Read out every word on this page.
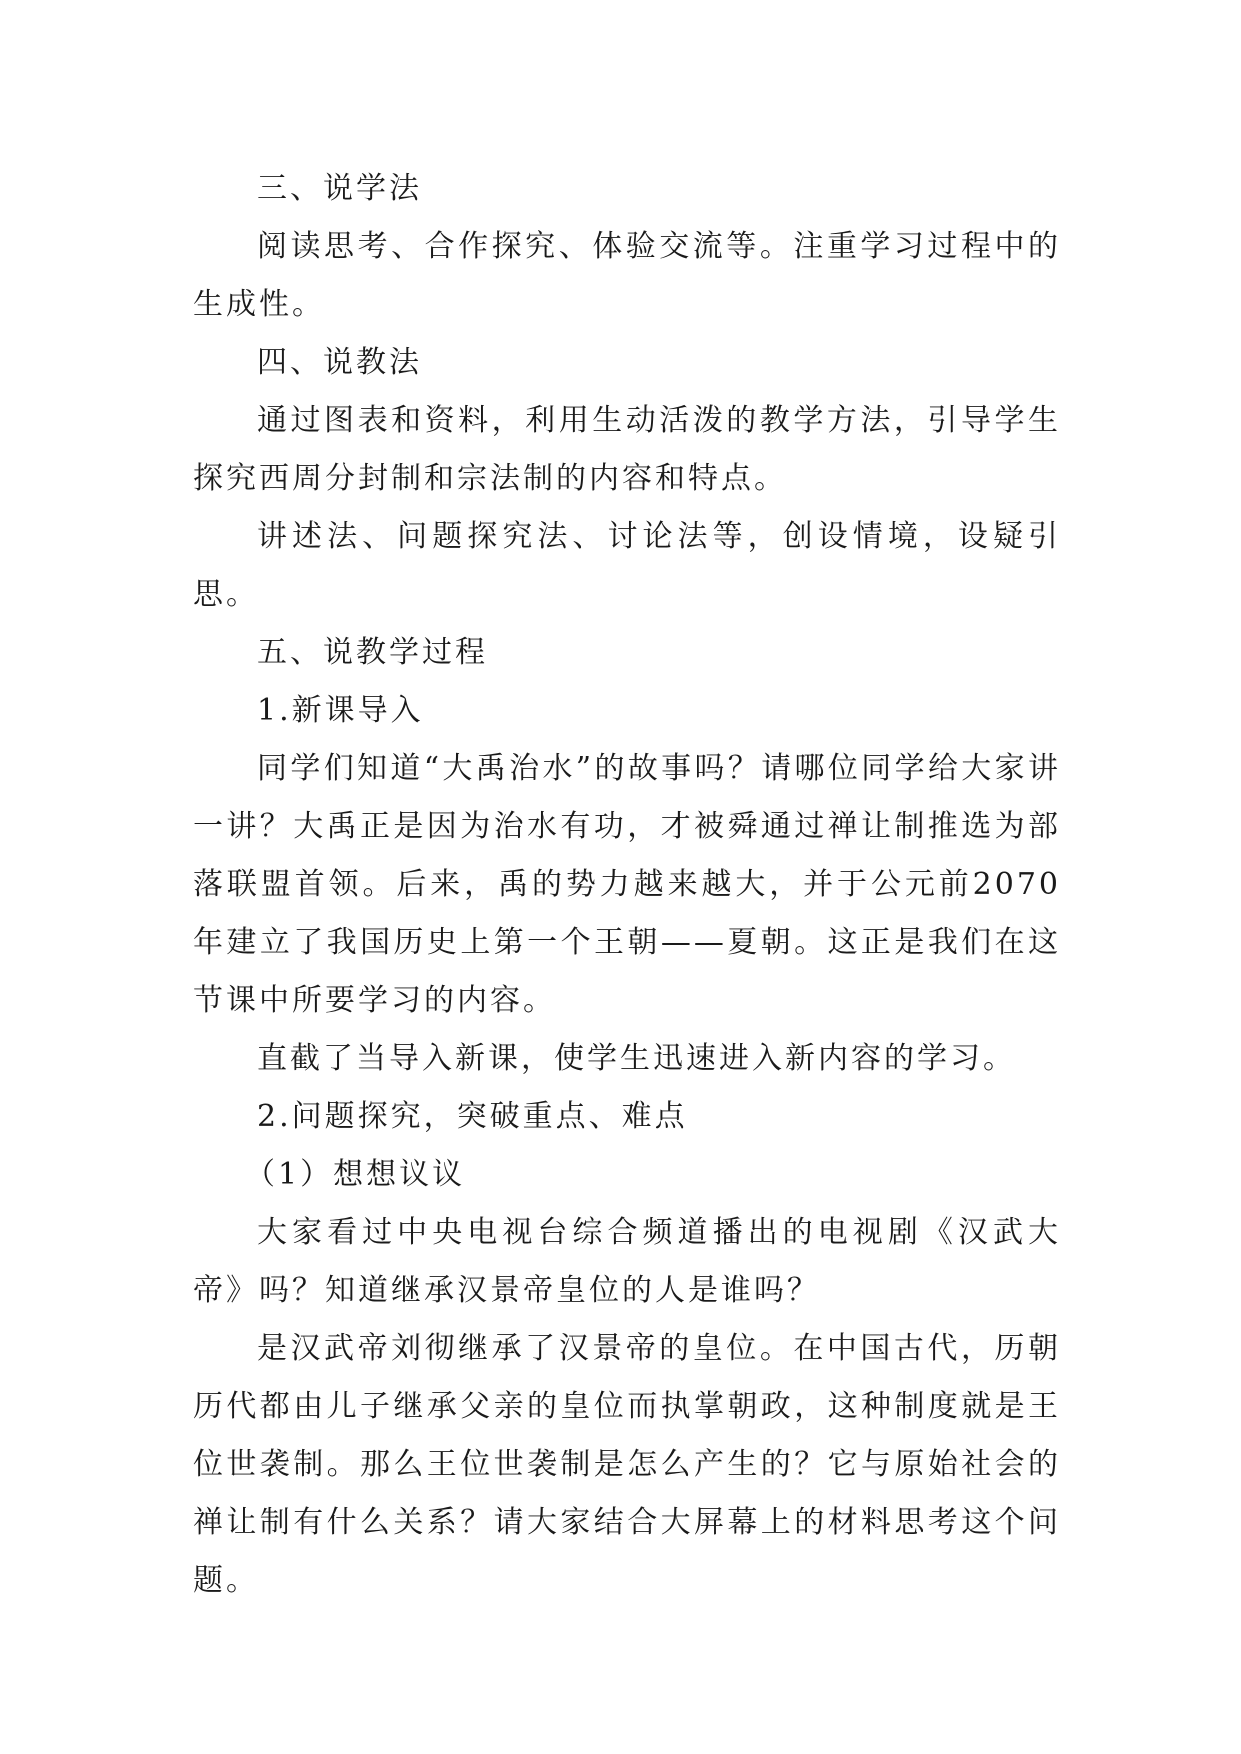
三、说学法

阅读思考、合作探究、体验交流等。注重学习过程中的生成性。

四、说教法

通过图表和资料，利用生动活泼的教学方法，引导学生探究西周分封制和宗法制的内容和特点。

讲述法、问题探究法、讨论法等，创设情境，设疑引思。

五、说教学过程

1.新课导入

同学们知道“大禹治水”的故事吗？请哪位同学给大家讲一讲？大禹正是因为治水有功，才被舜通过禅让制推选为部落联盟首领。后来，禹的势力越来越大，并于公元前2070年建立了我国历史上第一个王朝——夏朝。这正是我们在这节课中所要学习的内容。

直截了当导入新课，使学生迅速进入新内容的学习。

2.问题探究，突破重点、难点

（1）想想议议

大家看过中央电视台综合频道播出的电视剧《汉武大帝》吗？知道继承汉景帝皇位的人是谁吗？

是汉武帝刘彻继承了汉景帝的皇位。在中国古代，历朝历代都由儿子继承父亲的皇位而执掌朝政，这种制度就是王位世袭制。那么王位世袭制是怎么产生的？它与原始社会的禅让制有什么关系？请大家结合大屏幕上的材料思考这个问题。
